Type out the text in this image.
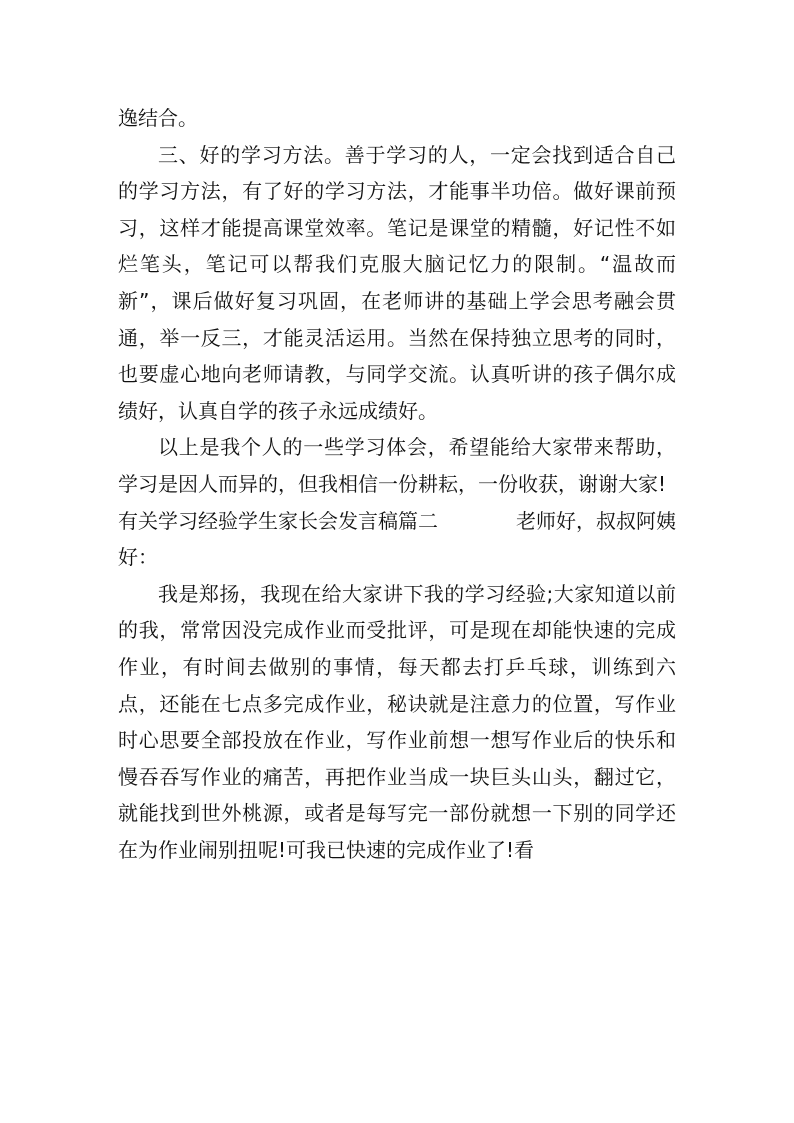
逸结合。

三、好的学习方法。善于学习的人，一定会找到适合自己的学习方法，有了好的学习方法，才能事半功倍。做好课前预习，这样才能提高课堂效率。笔记是课堂的精髓，好记性不如烂笔头，笔记可以帮我们克服大脑记忆力的限制。“温故而新”，课后做好复习巩固，在老师讲的基础上学会思考融会贯通，举一反三，才能灵活运用。当然在保持独立思考的同时，也要虚心地向老师请教，与同学交流。认真听讲的孩子偶尔成绩好，认真自学的孩子永远成绩好。

以上是我个人的一些学习体会，希望能给大家带来帮助，学习是因人而异的，但我相信一份耕耘，一份收获，谢谢大家!

有关学习经验学生家长会发言稿篇二	老师好，叔叔阿姨

好：

我是郑扬，我现在给大家讲下我的学习经验;大家知道以前的我，常常因没完成作业而受批评，可是现在却能快速的完成作业，有时间去做别的事情，每天都去打乒乓球，训练到六点，还能在七点多完成作业，秘诀就是注意力的位置，写作业时心思要全部投放在作业，写作业前想一想写作业后的快乐和慢吞吞写作业的痛苦，再把作业当成一块巨头山头，翻过它，就能找到世外桃源，或者是每写完一部份就想一下别的同学还在为作业闹别扭呢!可我已快速的完成作业了!看
